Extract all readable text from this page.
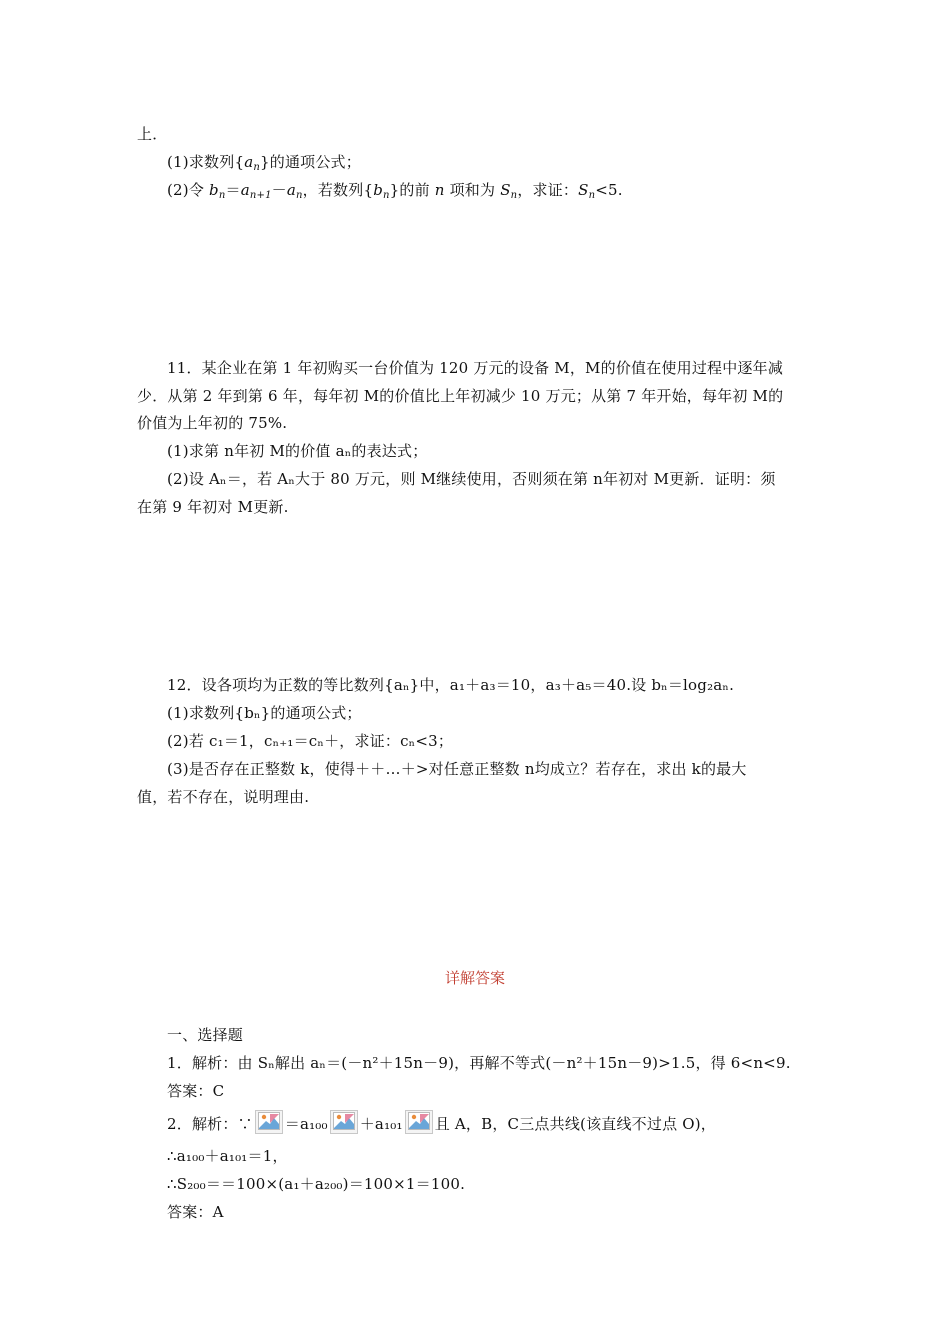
上．
(1)求数列$\{a_n\}$的通项公式；
(2)令 $b_n=a_{n+1}-a_n$，若数列$\{b_n\}$的前 n 项和为 $S_n$，求证：$S_n<5$.
11．某企业在第 1 年初购买一台价值为 120 万元的设备 M，M的价值在使用过程中逐年减
少．从第 2 年到第 6 年，每年初 M的价值比上年初减少 10 万元；从第 7 年开始，每年初 M的
价值为上年初的 75%.
(1)求第 n年初 M的价值 aₙ的表达式；
(2)设 Aₙ＝，若 Aₙ大于 80 万元，则 M继续使用，否则须在第 n年初对 M更新．证明：须
在第 9 年初对 M更新.
12．设各项均为正数的等比数列{aₙ}中，a₁＋a₃＝10，a₃＋a₅＝40.设 bₙ＝log₂aₙ.
(1)求数列{bₙ}的通项公式；
(2)若 c₁＝1，cₙ₊₁＝cₙ＋，求证：cₙ<3；
(3)是否存在正整数 k，使得＋＋…＋>对任意正整数 n均成立？若存在，求出 k的最大
值，若不存在，说明理由.
详解答案
一、选择题
1．解析：由 Sₙ解出 aₙ＝(－n²＋15n－9)，再解不等式(－n²＋15n－9)>1.5，得 6<n<9.
答案：C
2．解析：∵ ＝a₁₀₀ ＋a₁₀₁ 且 A，B，C三点共线(该直线不过点 O)，
∴a₁₀₀＋a₁₀₁＝1，
∴S₂₀₀＝＝100×(a₁＋a₂₀₀)＝100×1＝100.
答案：A
